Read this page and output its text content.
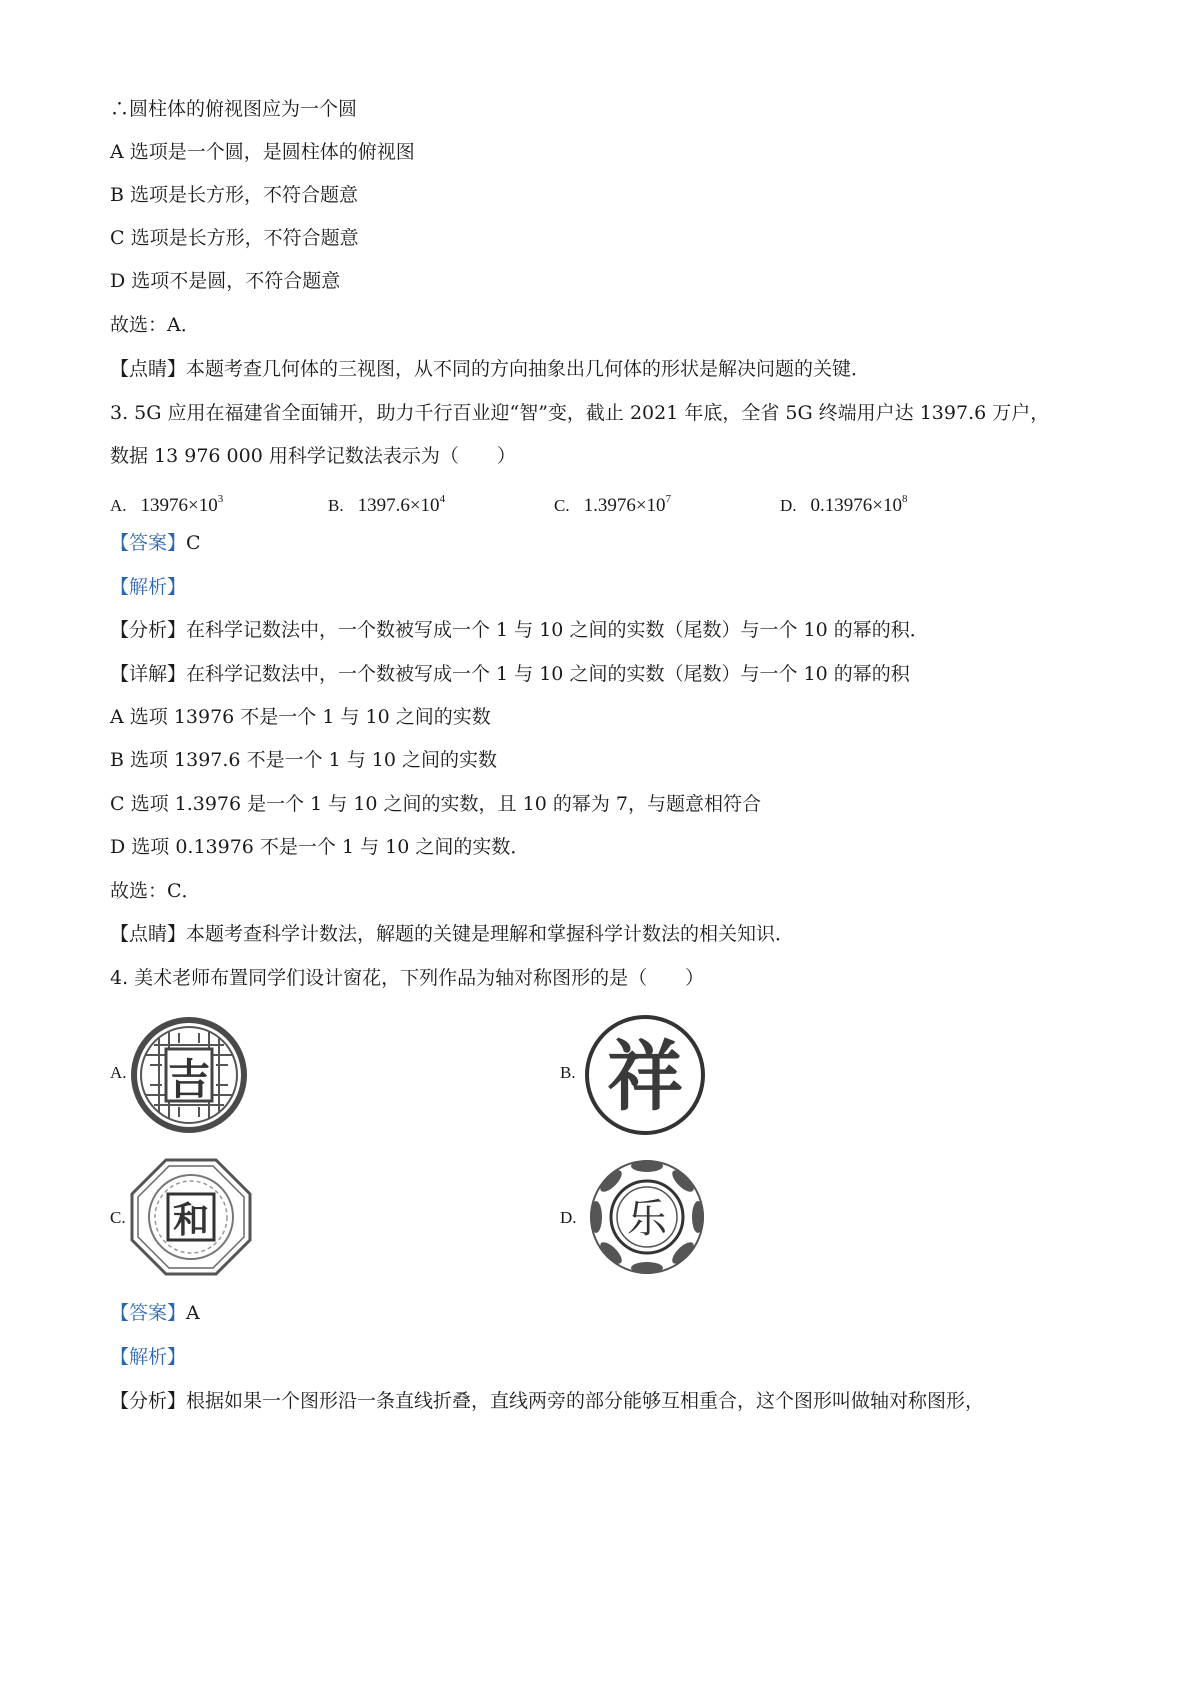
∴圆柱体的俯视图应为一个圆
A 选项是一个圆，是圆柱体的俯视图
B 选项是长方形，不符合题意
C 选项是长方形，不符合题意
D 选项不是圆，不符合题意
故选：A．
【点睛】本题考查几何体的三视图，从不同的方向抽象出几何体的形状是解决问题的关键．
3. 5G 应用在福建省全面铺开，助力千行百业迎“智”变，截止 2021 年底，全省 5G 终端用户达 1397.6 万户，
数据 13 976 000 用科学记数法表示为（　　）
A. $13976\times 10^3$	B. $1397.6\times 10^4$	C. $1.3976\times 10^7$	D. $0.13976\times 10^8$
【答案】C
【解析】
【分析】在科学记数法中，一个数被写成一个 1 与 10 之间的实数（尾数）与一个 10 的幂的积．
【详解】在科学记数法中，一个数被写成一个 1 与 10 之间的实数（尾数）与一个 10 的幂的积
A 选项 13976 不是一个 1 与 10 之间的实数
B 选项 1397.6 不是一个 1 与 10 之间的实数
C 选项 1.3976 是一个 1 与 10 之间的实数，且 10 的幂为 7，与题意相符合
D 选项 0.13976 不是一个 1 与 10 之间的实数．
故选：C．
【点睛】本题考查科学计数法，解题的关键是理解和掌握科学计数法的相关知识．
4. 美术老师布置同学们设计窗花，下列作品为轴对称图形的是（　　）
A. 吉	B. 祥
C. 和	D. 乐
【答案】A
【解析】
【分析】根据如果一个图形沿一条直线折叠，直线两旁的部分能够互相重合，这个图形叫做轴对称图形，
